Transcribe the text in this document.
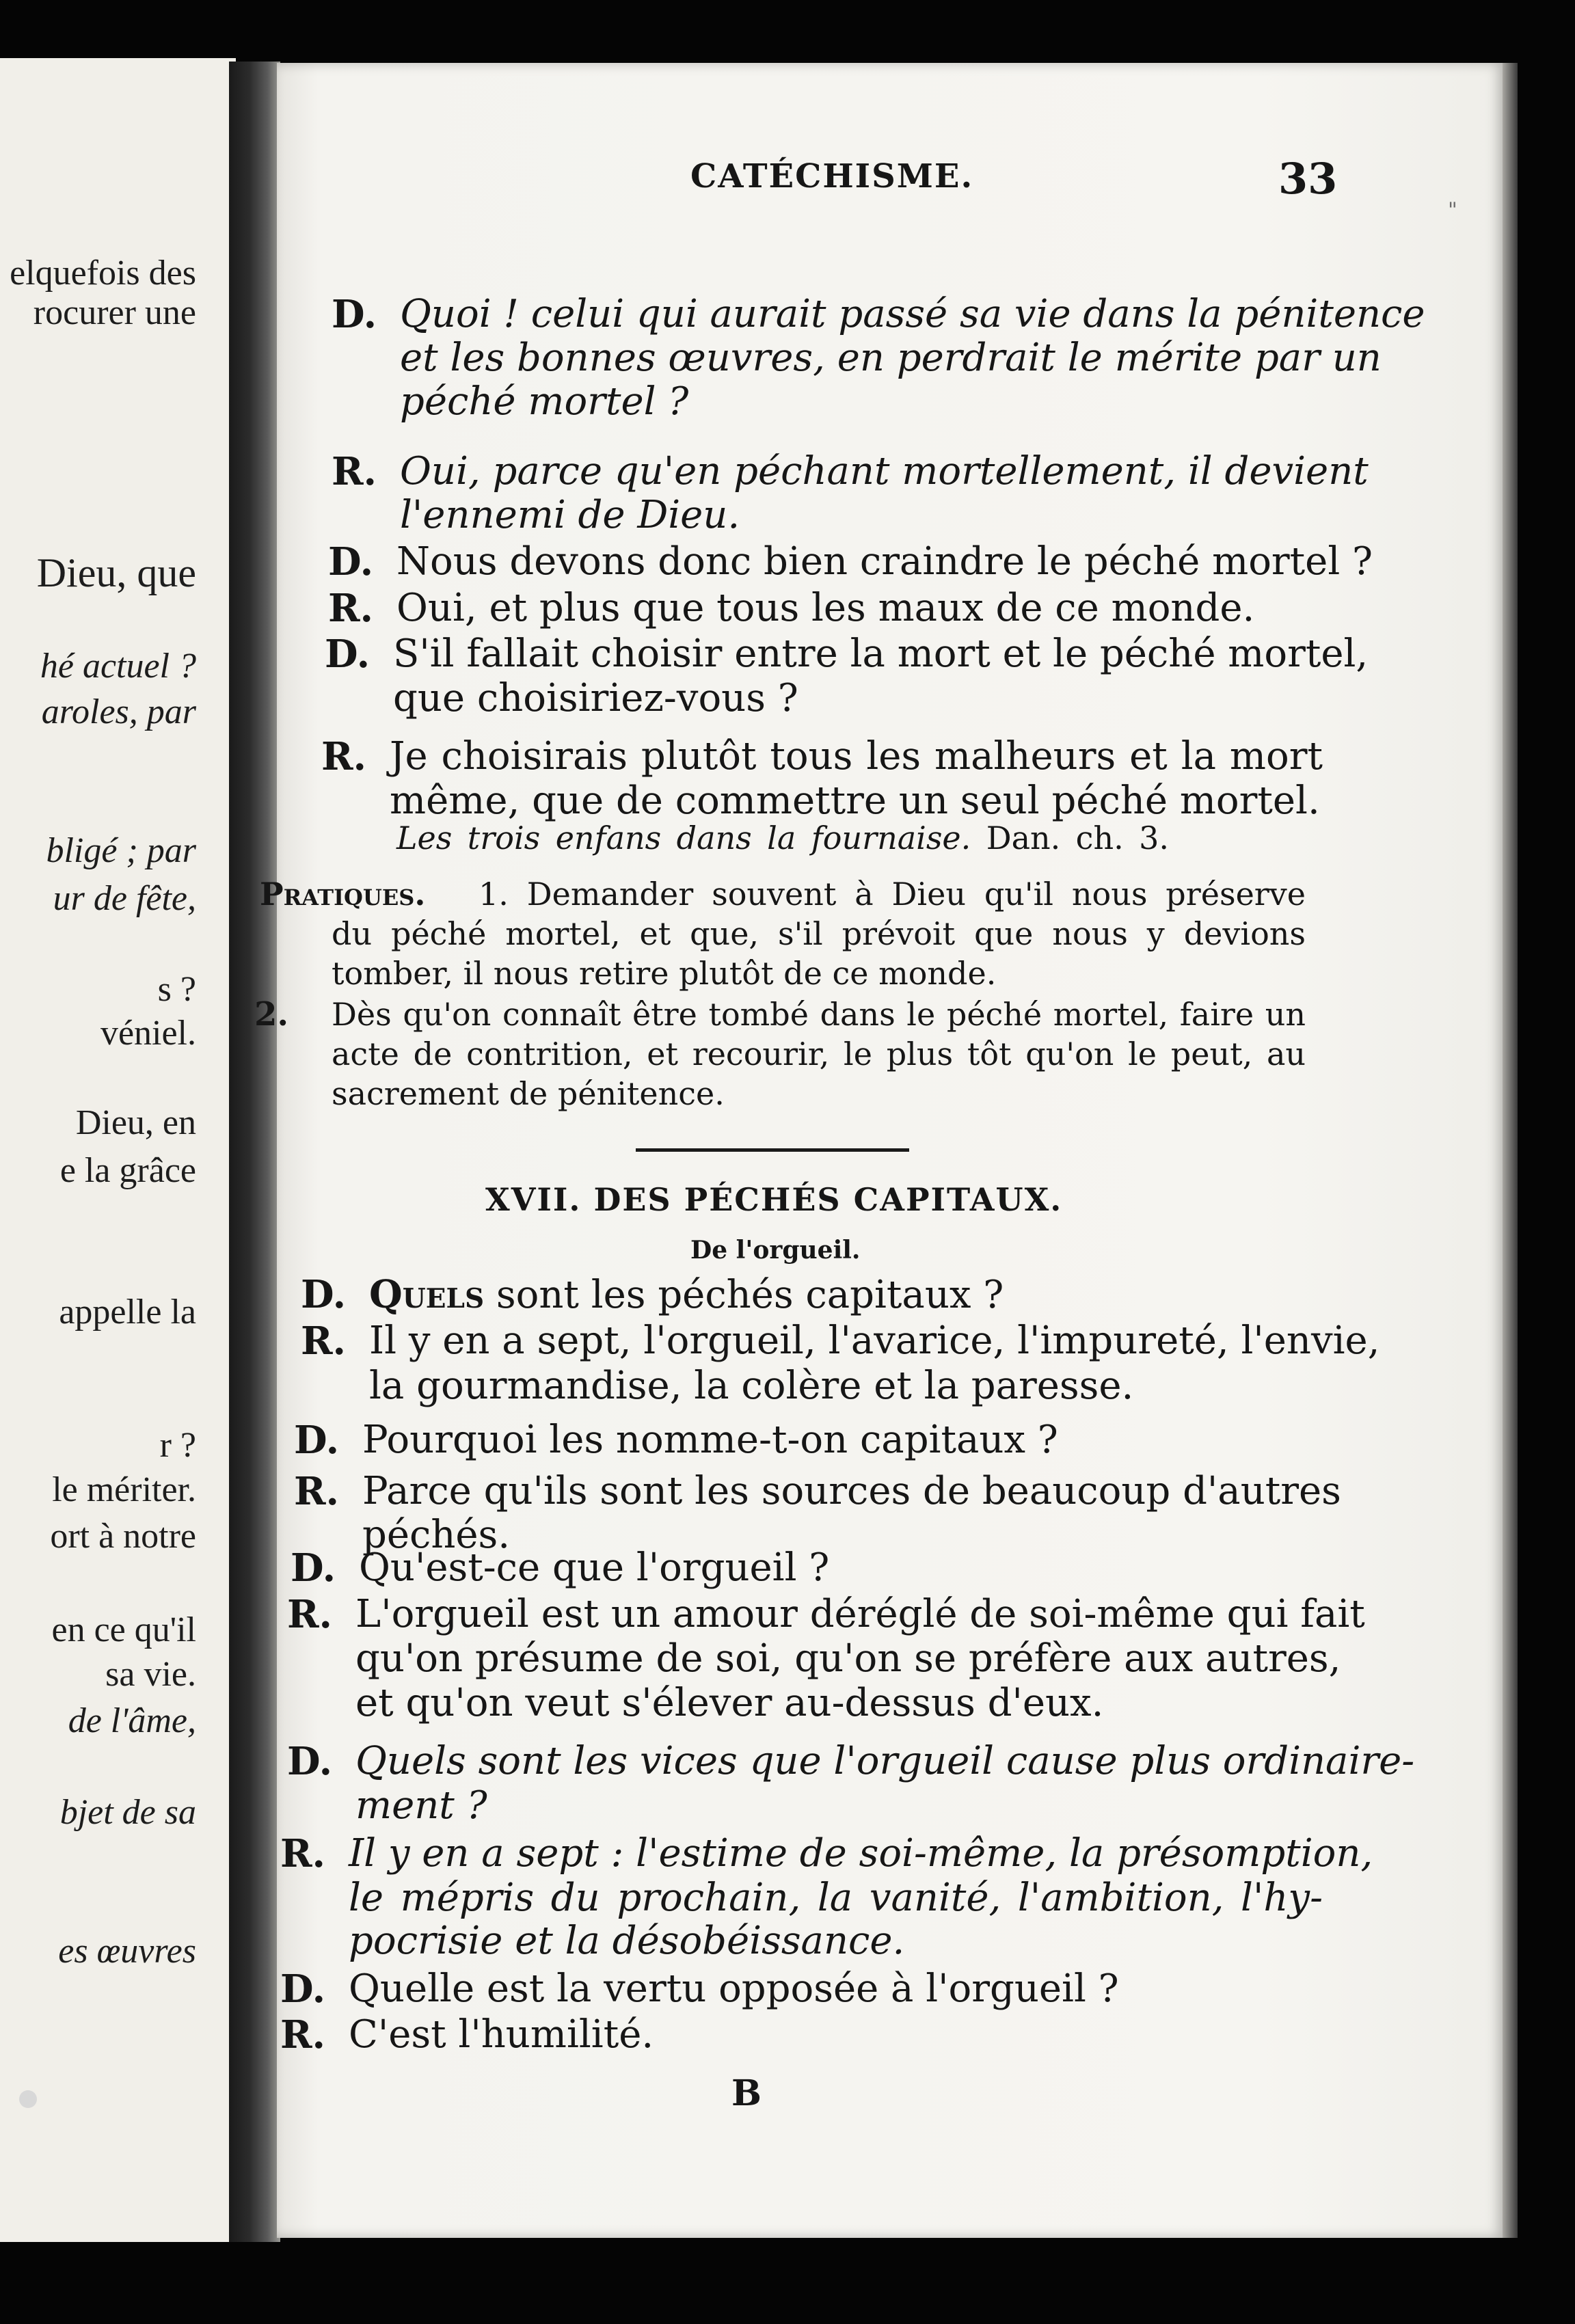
elquefois des
rocurer une
Dieu, que
hé actuel ?
aroles, par
bligé ; par
ur de fête,
s ?
véniel.
Dieu, en
e la grâce
appelle la
r ?
le mériter.
ort à notre
en ce qu'il
sa vie.
de l'âme,
bjet de sa
es œuvres
CATÉCHISME.	33
"
D. Quoi ! celui qui aurait passé sa vie dans la pénitence
et les bonnes œuvres, en perdrait le mérite par un
péché mortel ?
R. Oui, parce qu'en péchant mortellement, il devient
l'ennemi de Dieu.
D. Nous devons donc bien craindre le péché mortel ?
R. Oui, et plus que tous les maux de ce monde.
D. S'il fallait choisir entre la mort et le péché mortel,
que choisiriez-vous ?
R. Je choisirais plutôt tous les malheurs et la mort
même, que de commettre un seul péché mortel.
Les trois enfans dans la fournaise. Dan. ch. 3.
Pratiques.	1. Demander souvent à Dieu qu'il nous préserve
du péché mortel, et que, s'il prévoit que nous y devions
tomber, il nous retire plutôt de ce monde.
Dès qu'on connaît être tombé dans le péché mortel, faire un
acte de contrition, et recourir, le plus tôt qu'on le peut, au
sacrement de pénitence.
2.
XVII. DES PÉCHÉS CAPITAUX.
De l'orgueil.
D. Quels sont les péchés capitaux ?
R. Il y en a sept, l'orgueil, l'avarice, l'impureté, l'envie,
la gourmandise, la colère et la paresse.
D. Pourquoi les nomme-t-on capitaux ?
R. Parce qu'ils sont les sources de beaucoup d'autres
péchés.
D. Qu'est-ce que l'orgueil ?
R. L'orgueil est un amour déréglé de soi-même qui fait
qu'on présume de soi, qu'on se préfère aux autres,
et qu'on veut s'élever au-dessus d'eux.
D. Quels sont les vices que l'orgueil cause plus ordinaire-
ment ?
R. Il y en a sept : l'estime de soi-même, la présomption,
le mépris du prochain, la vanité, l'ambition, l'hy-
pocrisie et la désobéissance.
D. Quelle est la vertu opposée à l'orgueil ?
R. C'est l'humilité.
B
